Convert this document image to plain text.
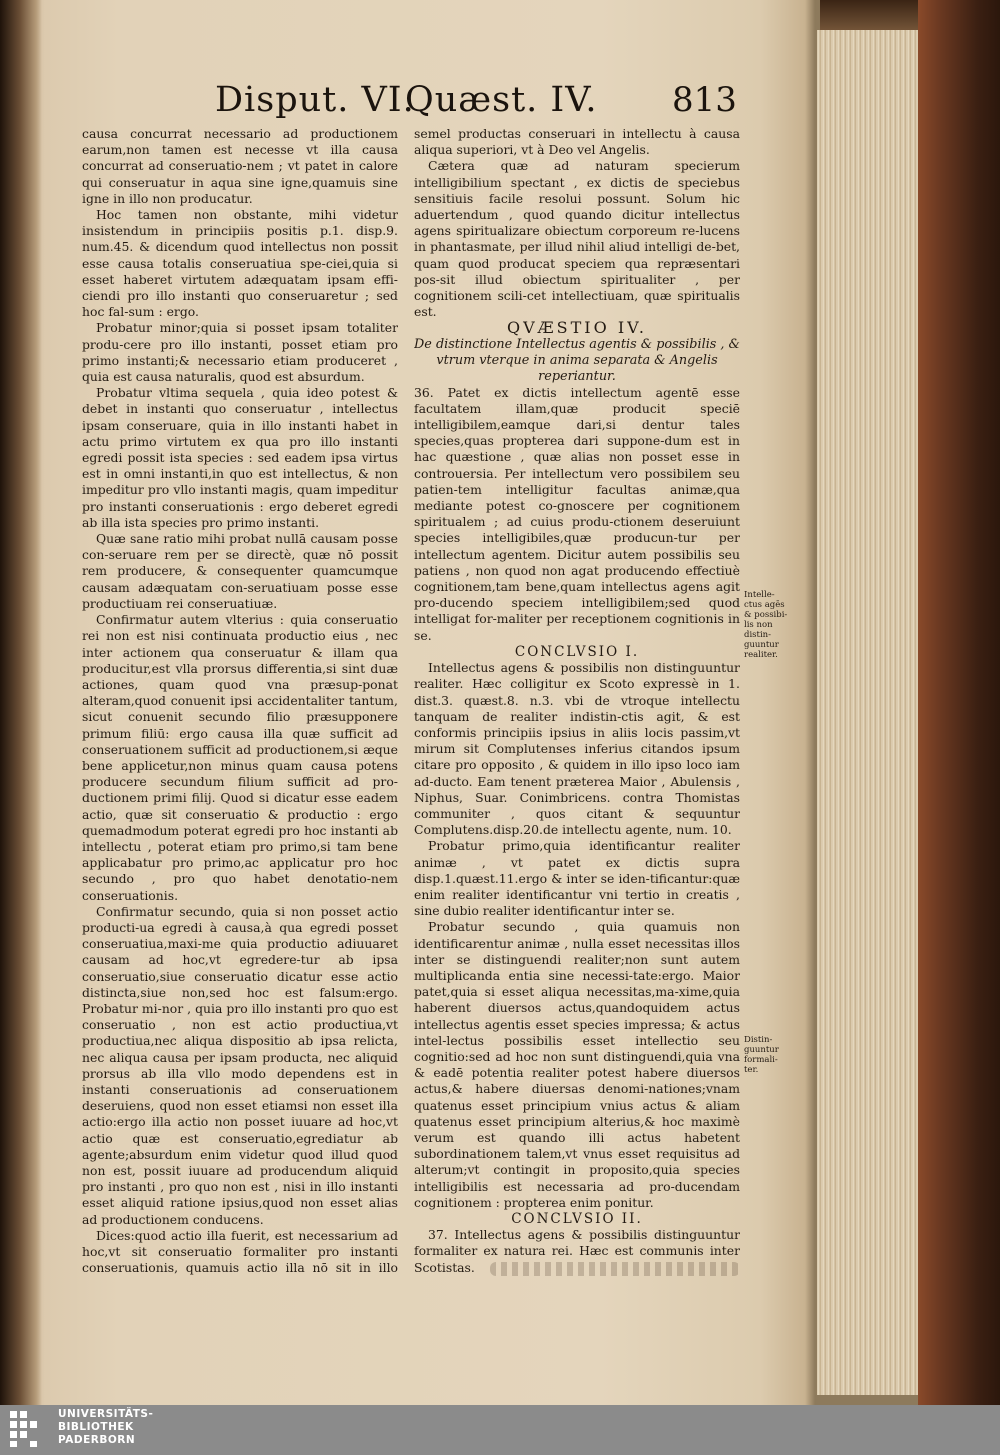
Disput. VI.
Quæst. IV. 813

causa concurrat necessario ad productionem earum,non tamen est necesse vt illa causa concurrat ad conseruatio-nem ; vt patet in calore qui conseruatur in aqua sine igne,quamuis sine igne in illo non producatur.

Hoc tamen non obstante, mihi videtur insistendum in principiis positis p.1. disp.9. num.45. & dicendum quod intellectus non possit esse causa totalis conseruatiua spe-ciei,quia si esset haberet virtutem adæquatam ipsam effi-ciendi pro illo instanti quo conseruaretur ; sed hoc fal-sum : ergo.

Probatur minor;quia si posset ipsam totaliter produ-cere pro illo instanti, posset etiam pro primo instanti;& necessario etiam produceret , quia est causa naturalis, quod est absurdum.

Probatur vltima sequela , quia ideo potest & debet in instanti quo conseruatur , intellectus ipsam conseruare, quia in illo instanti habet in actu primo virtutem ex qua pro illo instanti egredi possit ista species : sed eadem ipsa virtus est in omni instanti,in quo est intellectus, & non impeditur pro vllo instanti magis, quam impeditur pro instanti conseruationis : ergo deberet egredi ab illa ista species pro primo instanti.

Quæ sane ratio mihi probat nullā causam posse con-seruare rem per se directè, quæ nō possit rem producere, & consequenter quamcumque causam adæquatam con-seruatiuam posse esse productiuam rei conseruatiuæ.

Confirmatur autem vlterius : quia conseruatio rei non est nisi continuata productio eius , nec inter actionem qua conseruatur & illam qua producitur,est vlla prorsus differentia,si sint duæ actiones, quam quod vna præsup-ponat alteram,quod conuenit ipsi accidentaliter tantum, sicut conuenit secundo filio præsupponere primum filiū: ergo causa illa quæ sufficit ad conseruationem sufficit ad productionem,si æque bene applicetur,non minus quam causa potens producere secundum filium sufficit ad pro-ductionem primi filij. Quod si dicatur esse eadem actio, quæ sit conseruatio & productio : ergo quemadmodum poterat egredi pro hoc instanti ab intellectu , poterat etiam pro primo,si tam bene applicabatur pro primo,ac applicatur pro hoc secundo , pro quo habet denotatio-nem conseruationis.

Confirmatur secundo, quia si non posset actio producti-ua egredi à causa,à qua egredi posset conseruatiua,maxi-me quia productio adiuuaret causam ad hoc,vt egredere-tur ab ipsa conseruatio,siue conseruatio dicatur esse actio distincta,siue non,sed hoc est falsum:ergo. Probatur mi-nor , quia pro illo instanti pro quo est conseruatio , non est actio productiua,vt productiua,nec aliqua dispositio ab ipsa relicta, nec aliqua causa per ipsam producta, nec aliquid prorsus ab illa vllo modo dependens est in instanti conseruationis ad conseruationem deseruiens, quod non esset etiamsi non esset illa actio:ergo illa actio non posset iuuare ad hoc,vt actio quæ est conseruatio,egrediatur ab agente;absurdum enim videtur quod illud quod non est, possit iuuare ad producendum aliquid pro instanti , pro quo non est , nisi in illo instanti esset aliquid ratione ipsius,quod non esset alias ad productionem conducens.

Dices:quod actio illa fuerit, est necessarium ad hoc,vt sit conseruatio formaliter pro instanti conseruationis, quamuis actio illa nō sit in illo

semel productas conseruari in intellectu à causa aliqua superiori, vt à Deo vel Angelis.

Cætera quæ ad naturam specierum intelligibilium spectant , ex dictis de speciebus sensitiuis facile resolui possunt. Solum hic aduertendum , quod quando dicitur intellectus agens spiritualizare obiectum corporeum re-lucens in phantasmate, per illud nihil aliud intelligi de-bet, quam quod producat speciem qua repræsentari pos-sit illud obiectum spiritualiter , per cognitionem scili-cet intellectiuam, quæ spiritualis est.

QVÆSTIO IV.

De distinctione Intellectus agentis & possibilis , & vtrum vterque in anima separata & Angelis reperiantur.

36. Patet ex dictis intellectum agentē esse facultatem illam,quæ producit speciē intelligibilem,eamque dari,si dentur tales species,quas propterea dari suppone-dum est in hac quæstione , quæ alias non posset esse in controuersia. Per intellectum vero possibilem seu patien-tem intelligitur facultas animæ,qua mediante potest co-gnoscere per cognitionem spiritualem ; ad cuius produ-ctionem deseruiunt species intelligibiles,quæ producun-tur per intellectum agentem. Dicitur autem possibilis seu patiens , non quod non agat producendo effectiuè cognitionem,tam bene,quam intellectus agens agit pro-ducendo speciem intelligibilem;sed quod intelligat for-maliter per receptionem cognitionis in se.

CONCLVSIO I.

Intellectus agens & possibilis non distinguuntur realiter. Hæc colligitur ex Scoto expressè in 1. dist.3. quæst.8. n.3. vbi de vtroque intellectu tanquam de realiter indistin-ctis agit, & est conformis principiis ipsius in aliis locis passim,vt mirum sit Complutenses inferius citandos ipsum citare pro opposito , & quidem in illo ipso loco iam ad-ducto. Eam tenent præterea Maior , Abulensis , Niphus, Suar. Conimbricens. contra Thomistas communiter , quos citant & sequuntur Complutens.disp.20.de intellectu agente, num. 10.

Probatur primo,quia identificantur realiter animæ , vt patet ex dictis supra disp.1.quæst.11.ergo & inter se iden-tificantur:quæ enim realiter identificantur vni tertio in creatis , sine dubio realiter identificantur inter se.

Probatur secundo , quia quamuis non identificarentur animæ , nulla esset necessitas illos inter se distinguendi realiter;non sunt autem multiplicanda entia sine necessi-tate:ergo. Maior patet,quia si esset aliqua necessitas,ma-xime,quia haberent diuersos actus,quandoquidem actus intellectus agentis esset species impressa; & actus intel-lectus possibilis esset intellectio seu cognitio:sed ad hoc non sunt distinguendi,quia vna & eadē potentia realiter potest habere diuersos actus,& habere diuersas denomi-nationes;vnam quatenus esset principium vnius actus & aliam quatenus esset principium alterius,& hoc maximè verum est quando illi actus habetent subordinationem talem,vt vnus esset requisitus ad alterum;vt contingit in proposito,quia species intelligibilis est necessaria ad pro-ducendam cognitionem : propterea enim ponitur.

CONCLVSIO II.

37. Intellectus agens & possibilis distinguuntur formaliter ex natura rei. Hæc est communis inter Scotistas.

Intelle-ctus agēs & possibi-lis non distin-guuntur realiter.
Distin-guuntur formali-ter.
UNIVERSITÄTS-
BIBLIOTHEK
PADERBORN
